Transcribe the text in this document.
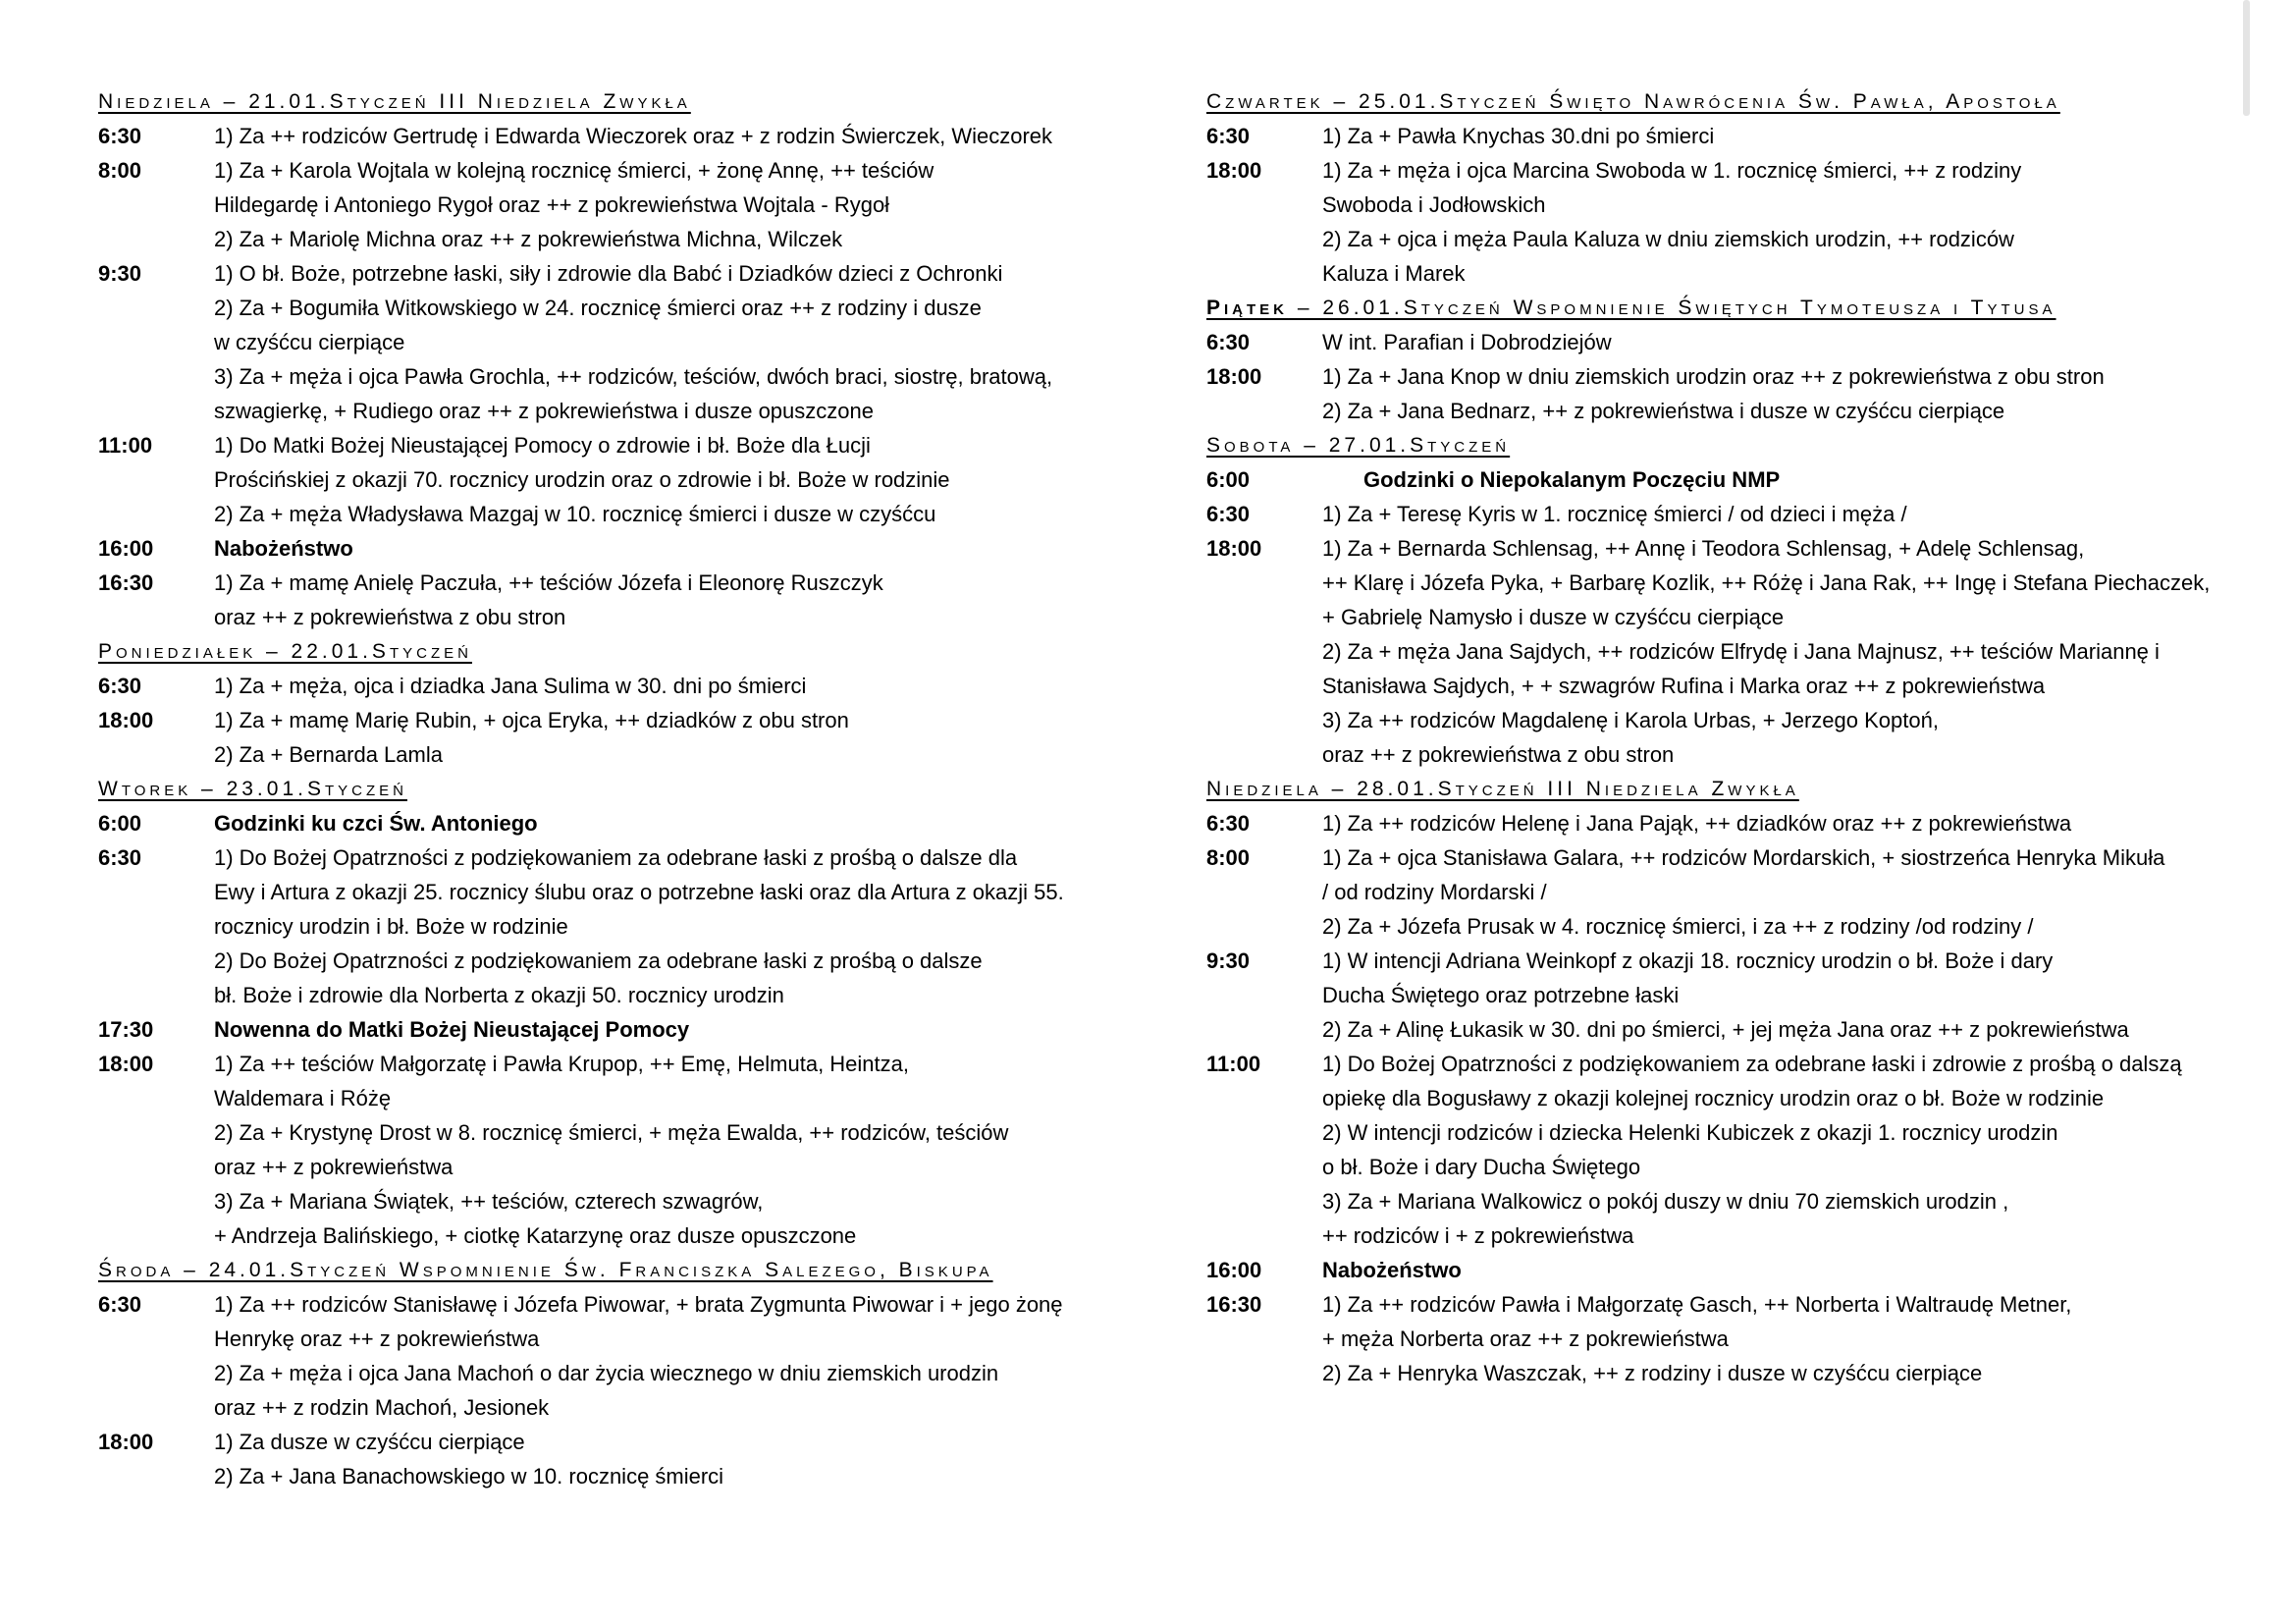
Niedziela – 21.01.Styczeń III Niedziela Zwykła
6:30	1) Za ++ rodziców Gertrudę i Edwarda Wieczorek oraz + z rodzin Świerczek, Wieczorek
8:00	1) Za + Karola Wojtala w kolejną rocznicę śmierci, + żonę Annę, ++ teściów
Hildegardę i Antoniego Rygoł oraz ++ z pokrewieństwa Wojtala - Rygoł
2) Za + Mariolę Michna oraz ++ z pokrewieństwa Michna, Wilczek
9:30	1) O bł. Boże, potrzebne łaski, siły i zdrowie dla Babć i Dziadków dzieci z Ochronki
2) Za + Bogumiła Witkowskiego w 24. rocznicę śmierci oraz ++ z rodziny i dusze
w czyśćcu cierpiące
3) Za + męża i ojca Pawła Grochla, ++ rodziców, teściów, dwóch braci, siostrę, bratową,
szwagierkę, + Rudiego oraz ++ z pokrewieństwa i dusze opuszczone
11:00	1) Do Matki Bożej Nieustającej Pomocy o zdrowie i bł. Boże dla Łucji
Prościńskiej z okazji 70. rocznicy urodzin oraz o zdrowie i bł. Boże w rodzinie
2) Za + męża Władysława Mazgaj w 10. rocznicę śmierci i dusze w czyśćcu
16:00	Nabożeństwo
16:30	1) Za + mamę Anielę Paczuła, ++ teściów Józefa i Eleonorę Ruszczyk
oraz ++ z pokrewieństwa z obu stron
Poniedziałek – 22.01.Styczeń
6:30	1) Za + męża, ojca i dziadka Jana Sulima w 30. dni po śmierci
18:00	1) Za + mamę Marię Rubin, + ojca Eryka, ++ dziadków z obu stron
2) Za + Bernarda Lamla
Wtorek – 23.01.Styczeń
6:00	Godzinki ku czci Św. Antoniego
6:30	1) Do Bożej Opatrzności z podziękowaniem za odebrane łaski z prośbą o dalsze dla
Ewy i Artura z okazji 25. rocznicy ślubu oraz o potrzebne łaski oraz dla Artura z okazji 55.
rocznicy urodzin i bł. Boże w rodzinie
2) Do Bożej Opatrzności z podziękowaniem za odebrane łaski z prośbą o dalsze
bł. Boże i zdrowie dla Norberta z okazji 50. rocznicy urodzin
17:30	Nowenna do Matki Bożej Nieustającej Pomocy
18:00	1) Za ++ teściów Małgorzatę i Pawła Krupop, ++ Emę, Helmuta, Heintza,
Waldemara i Różę
2) Za + Krystynę Drost w 8. rocznicę śmierci, + męża Ewalda, ++ rodziców, teściów
oraz ++ z pokrewieństwa
3) Za + Mariana Świątek, ++ teściów, czterech szwagrów,
+ Andrzeja Balińskiego, + ciotkę Katarzynę oraz dusze opuszczone
Środa – 24.01.Styczeń Wspomnienie Św. Franciszka Salezego, Biskupa
6:30	1) Za ++ rodziców Stanisławę i Józefa Piwowar, + brata Zygmunta Piwowar i + jego żonę
Henrykę oraz ++ z pokrewieństwa
2) Za + męża i ojca Jana Machoń o dar życia wiecznego w dniu ziemskich urodzin
oraz ++ z rodzin Machoń, Jesionek
18:00	1) Za dusze w czyśćcu cierpiące
2) Za + Jana Banachowskiego w 10. rocznicę śmierci
Czwartek – 25.01.Styczeń Święto Nawrócenia Św. Pawła, Apostoła
6:30	1) Za + Pawła Knychas 30.dni po śmierci
18:00	1) Za + męża i ojca Marcina Swoboda w 1. rocznicę śmierci, ++ z rodziny
Swoboda i Jodłowskich
2) Za + ojca i męża Paula Kaluza w dniu ziemskich urodzin, ++ rodziców
Kaluza i Marek
Piątek – 26.01.Styczeń Wspomnienie Świętych Tymoteusza i Tytusa
6:30	W int. Parafian i Dobrodziejów
18:00	1) Za + Jana Knop w dniu ziemskich urodzin oraz ++ z pokrewieństwa z obu stron
2) Za + Jana Bednarz, ++ z pokrewieństwa i dusze w czyśćcu cierpiące
Sobota – 27.01.Styczeń
6:00	Godzinki o Niepokalanym Poczęciu NMP
6:30	1) Za + Teresę Kyris w 1. rocznicę śmierci / od dzieci i męża /
18:00	1) Za + Bernarda Schlensag, ++ Annę i Teodora Schlensag, + Adelę Schlensag,
++ Klarę i Józefa Pyka, + Barbarę Kozlik, ++ Różę i Jana Rak, ++ Ingę i Stefana Piechaczek,
+ Gabrielę Namysło i dusze w czyśćcu cierpiące
2) Za + męża Jana Sajdych, ++ rodziców Elfrydę i Jana Majnusz, ++ teściów Mariannę i
Stanisława Sajdych, + + szwagrów Rufina i Marka oraz ++ z pokrewieństwa
3) Za ++ rodziców Magdalenę i Karola Urbas, + Jerzego Koptoń,
oraz ++ z pokrewieństwa z obu stron
Niedziela – 28.01.Styczeń III Niedziela Zwykła
6:30	1) Za ++ rodziców Helenę i Jana Pająk, ++ dziadków oraz ++ z pokrewieństwa
8:00	1) Za + ojca Stanisława Galara, ++ rodziców Mordarskich, + siostrzeńca Henryka Mikuła
/ od rodziny Mordarski /
2) Za + Józefa Prusak w 4. rocznicę śmierci, i za ++ z rodziny /od rodziny /
9:30	1) W intencji Adriana Weinkopf z okazji 18. rocznicy urodzin o bł. Boże i dary
Ducha Świętego oraz potrzebne łaski
2) Za + Alinę Łukasik w 30. dni po śmierci, + jej męża Jana oraz ++ z pokrewieństwa
11:00	1) Do Bożej Opatrzności z podziękowaniem za odebrane łaski i zdrowie z prośbą o dalszą
opiekę dla Bogusławy z okazji kolejnej rocznicy urodzin oraz o bł. Boże w rodzinie
2) W intencji rodziców i dziecka Helenki Kubiczek z okazji 1. rocznicy urodzin
o bł. Boże i dary Ducha Świętego
3) Za + Mariana Walkowicz o pokój duszy w dniu 70 ziemskich urodzin ,
++ rodziców i + z pokrewieństwa
16:00	Nabożeństwo
16:30	1) Za ++ rodziców Pawła i Małgorzatę Gasch, ++ Norberta i Waltraudę Metner,
+ męża Norberta oraz ++ z pokrewieństwa
2) Za + Henryka Waszczak, ++ z rodziny i dusze w czyśćcu cierpiące
